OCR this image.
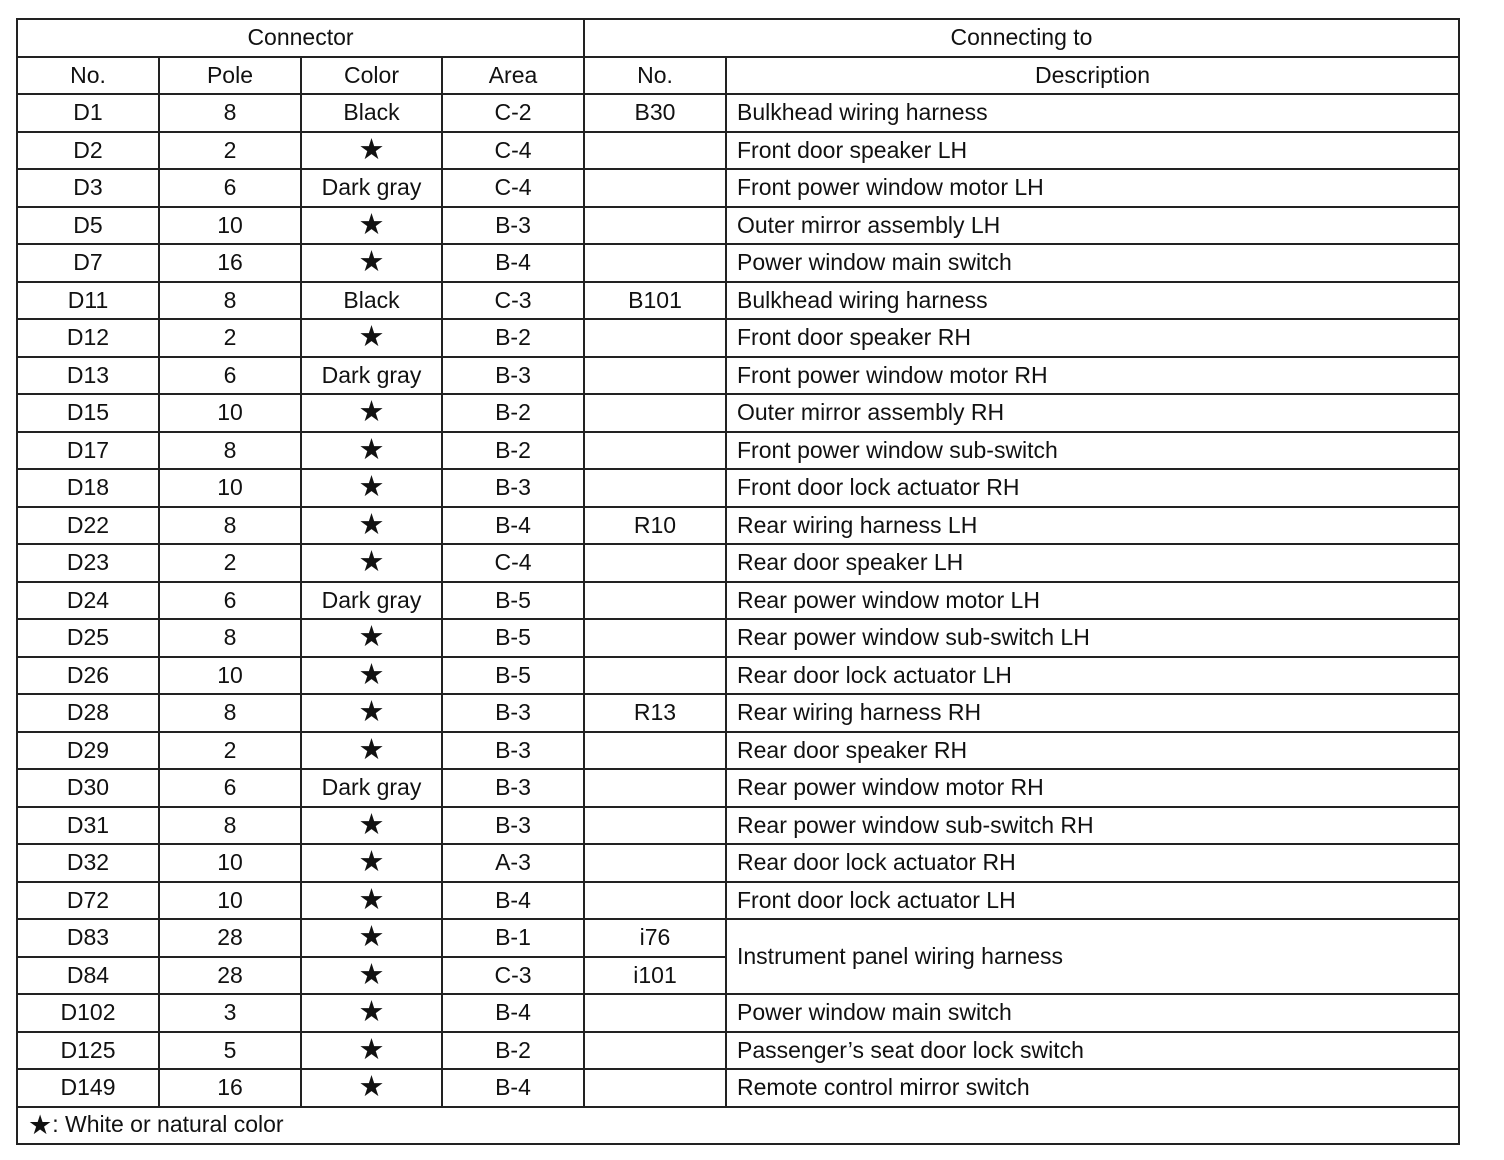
Connector				Connecting to	
No.	Pole	Color	Area	No.	Description
D1	8	Black	C-2	B30	Bulkhead wiring harness
D2	2	★	C-4		Front door speaker LH
D3	6	Dark gray	C-4		Front power window motor LH
D5	10	★	B-3		Outer mirror assembly LH
D7	16	★	B-4		Power window main switch
D11	8	Black	C-3	B101	Bulkhead wiring harness
D12	2	★	B-2		Front door speaker RH
D13	6	Dark gray	B-3		Front power window motor RH
D15	10	★	B-2		Outer mirror assembly RH
D17	8	★	B-2		Front power window sub-switch
D18	10	★	B-3		Front door lock actuator RH
D22	8	★	B-4	R10	Rear wiring harness LH
D23	2	★	C-4		Rear door speaker LH
D24	6	Dark gray	B-5		Rear power window motor LH
D25	8	★	B-5		Rear power window sub-switch LH
D26	10	★	B-5		Rear door lock actuator LH
D28	8	★	B-3	R13	Rear wiring harness RH
D29	2	★	B-3		Rear door speaker RH
D30	6	Dark gray	B-3		Rear power window motor RH
D31	8	★	B-3		Rear power window sub-switch RH
D32	10	★	A-3		Rear door lock actuator RH
D72	10	★	B-4		Front door lock actuator LH
D83	28	★	B-1	i76	Instrument panel wiring harness
D84	28	★	C-3	i101	
D102	3	★	B-4		Power window main switch
D125	5	★	B-2		Passenger’s seat door lock switch
D149	16	★	B-4		Remote control mirror switch
★: White or natural color					
